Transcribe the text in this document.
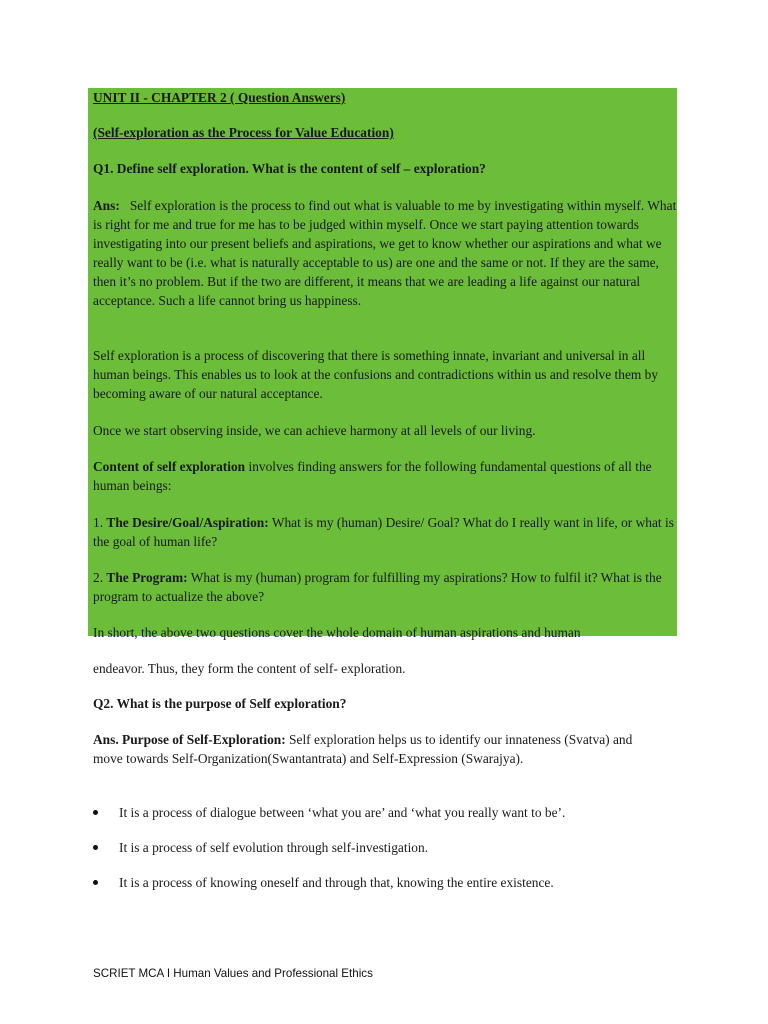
UNIT II - CHAPTER 2 ( Question Answers)

(Self-exploration as the Process for Value Education)

Q1. Define self exploration. What is the content of self – exploration?

Ans: Self exploration is the process to find out what is valuable to me by investigating within myself. What is right for me and true for me has to be judged within myself. Once we start paying attention towards investigating into our present beliefs and aspirations, we get to know whether our aspirations and what we really want to be (i.e. what is naturally acceptable to us) are one and the same or not. If they are the same, then it’s no problem. But if the two are different, it means that we are leading a life against our natural acceptance. Such a life cannot bring us happiness.

Self exploration is a process of discovering that there is something innate, invariant and universal in all human beings. This enables us to look at the confusions and contradictions within us and resolve them by becoming aware of our natural acceptance.

Once we start observing inside, we can achieve harmony at all levels of our living.

Content of self exploration involves finding answers for the following fundamental questions of all the human beings:

1. The Desire/Goal/Aspiration: What is my (human) Desire/ Goal? What do I really want in life, or what is the goal of human life?

2. The Program: What is my (human) program for fulfilling my aspirations? How to fulfil it? What is the program to actualize the above?

In short, the above two questions cover the whole domain of human aspirations and human

endeavor. Thus, they form the content of self- exploration.

Q2. What is the purpose of Self exploration?

Ans. Purpose of Self-Exploration: Self exploration helps us to identify our innateness (Svatva) and move towards Self-Organization(Swantantrata) and Self-Expression (Swarajya).

It is a process of dialogue between ‘what you are’ and ‘what you really want to be’.
It is a process of self evolution through self-investigation.
It is a process of knowing oneself and through that, knowing the entire existence.
SCRIET MCA I Human Values and Professional Ethics
